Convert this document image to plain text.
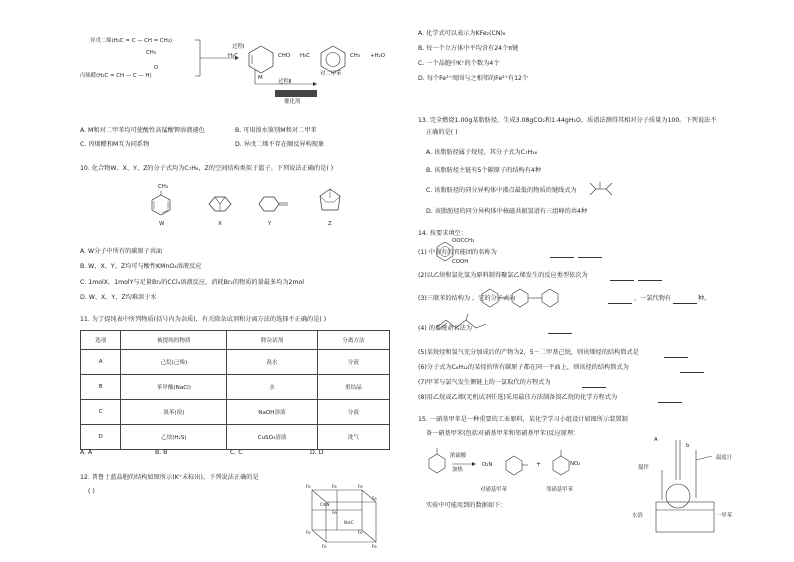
异戊二烯(H₂C = C — CH = CH₂)
CH₃
O
丙烯醛(H₂C = CH — C — H)
过程Ⅰ
过程Ⅱ
H₃C	CHO
M
H₃C	CH₃ +H₂O
对二甲苯
催化剂
A. M和对二甲苯均可使酸性高锰酸钾溶液褪色	B. 可用溴水鉴别M和对二甲苯
C. 丙烯醛和M互为同系物	D. 异戊二烯不存在顺反异构现象
10. 化合物W、X、Y、Z的分子式均为C₇H₈，Z的空间结构类似于篮子。下列说法正确的是( )
CH₃
W	X	Y	Z
A. W分子中所有的碳原子共面
B. W、X、Y、Z均可与酸性KMnO₄溶液反应
C. 1molX、1molY与足量Br₂的CCl₄溶液反应，消耗Br₂的物质的量最多均为2mol
D. W、X、Y、Z均难溶于水
11. 为了提纯表中所列物质(括号内为杂质)，有关除杂试剂和分离方法的选择不正确的是( )
选项	被提纯的物质	除杂试剂	分离方法
A	己烷(己烯)	溴水	分液
B	苯甲酸(NaCl)	水	重结晶
C	溴苯(溴)	NaOH溶液	分液
D	乙炔(H₂S)	CuSO₄溶液	洗气
A. A	B. B	C. C	D. D
12. 普鲁士蓝晶胞的结构如图所示(K⁺未标出)，下列说法正确的是
( )
Fe	Fe
Fe
Fe
Fe	Fe
Fe	Fe
Fe
C≡N
N≡C
A. 化学式可以表示为KFe₂(CN)₆
B. 每一个立方体中平均含有24个π键
C. 一个晶胞中K⁺的个数为4个
D. 每个Fe³⁺周围与之相邻的Fe²⁺有12个
13. 完全燃烧1.00g某脂肪烃，生成3.08gCO₂和1.44gH₂O，质谱法测得其相对分子质量为100。下列说法不
正确的是( )
A. 该脂肪烃属于烷烃，其分子式为C₇H₁₆
B. 该脂肪烃主链有5个碳原子的结构有4种
C. 该脂肪烃的同分异构体中沸点最低的物质的键线式为
D. 该脂肪烃的同分异构体中核磁共振氢谱有三组峰的共4种
14. 按要求填空：
OOCCH₃
COOH
(1) 中含有的官能团的名称为
(2)以乙炔和氯化氢为原料制得聚氯乙烯发生的反应类型依次为
(3)三联苯的结构为 ，它的分子式为	，一氯代物有	种。
(4) 的系统命名法为
(5)某烷烃和氢气充分加成后的产物为2，5－二甲基己烷，则该烯烃的结构简式是
(6)分子式为C₆H₁₂的某烃的所有碳原子都在同一平面上，则该烃的结构简式为
(7)甲苯与氯气发生侧链上的一氯取代的方程式为
(8)用乙烷或乙烯(无机试剂任选)采用最佳方法制备溴乙烷的化学方程式为
15. 一硝基甲苯是一种重要的工业原料，某化学学习小组设计如图所示装置制
备一硝基甲苯(包括对硝基甲苯和邻硝基甲苯)反应原理：
浓硫酸
加热
O₂N	+	NO₂
对硝基甲苯	邻硝基甲苯
A
b
温度计
搅拌
水浴	一甲苯
实验中可能用到的数据如下：
